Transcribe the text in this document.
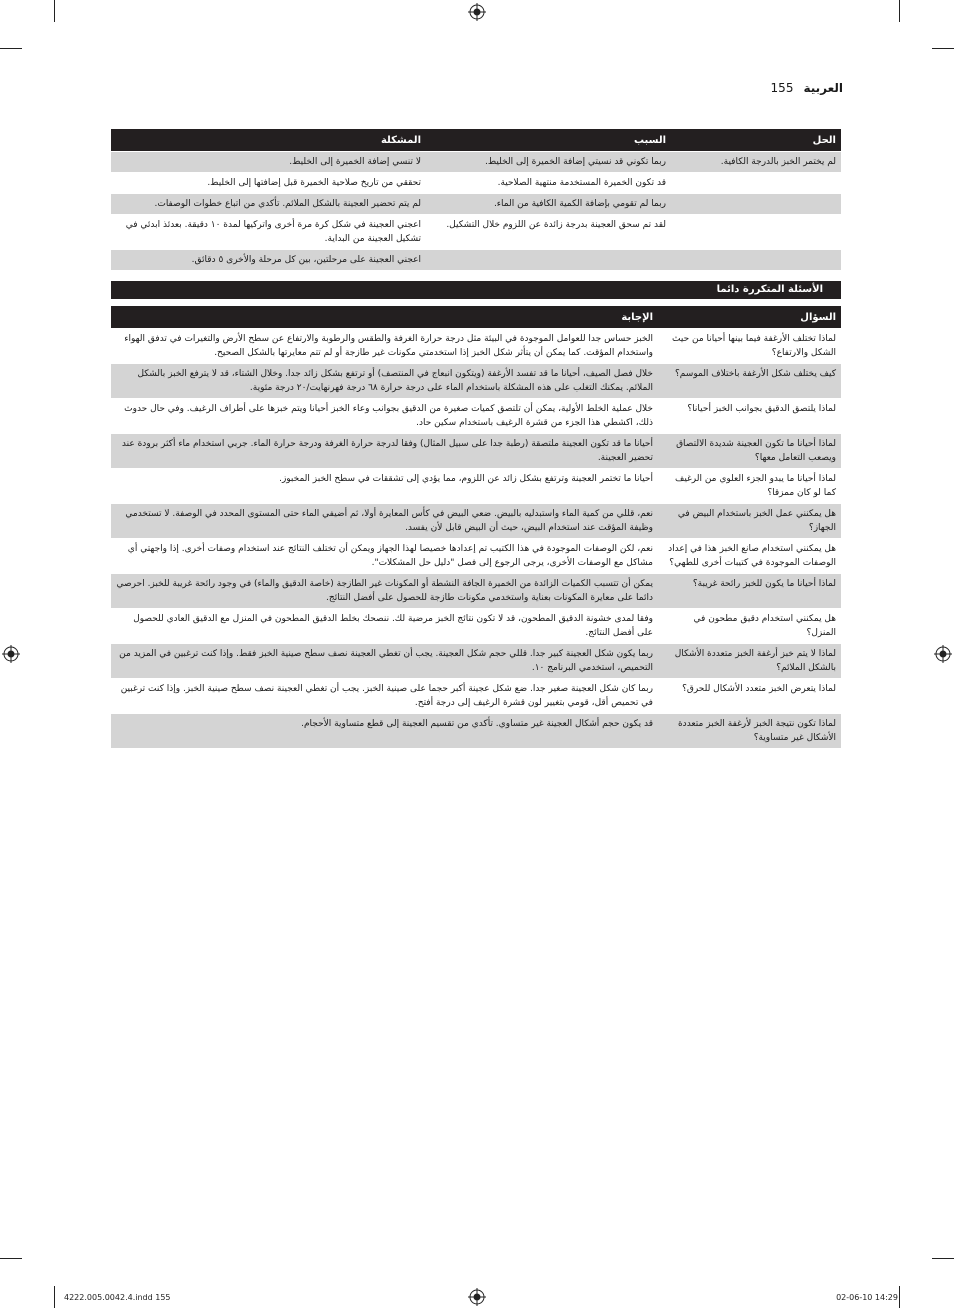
العربية
155
الحل	السبب	المشكلة
لم يختمر الخبز بالدرجة الكافية.	ربما تكوني قد نسيتي إضافة الخميرة إلى الخليط.	لا تنسي إضافة الخميرة إلى الخليط.
	قد تكون الخميرة المستخدمة منتهية الصلاحية.	تحققي من تاريخ صلاحية الخميرة قبل إضافتها إلى الخليط.
	ربما لم تقومي بإضافة الكمية الكافية من الماء.	لم يتم تحضير العجينة بالشكل الملائم. تأكدي من اتباع خطوات الوصفات.
	لقد تم سحق العجينة بدرجة زائدة عن اللزوم خلال التشكيل.	اعجني العجينة في شكل كرة مرة أخرى واتركيها لمدة ١٠ دقيقة. بعدئذ ابدئي في تشكيل العجينة من البداية.
		اعجني العجينة على مرحلتين، بين كل مرحلة والأخرى ٥ دقائق.
الأسئلة المتكررة دائما
السؤال	الإجابة
لماذا تختلف الأرغفة فيما بينها أحيانا من حيث الشكل والارتفاع؟	الخبز حساس جدا للعوامل الموجودة في البيئة مثل درجة حرارة الغرفة والطقس والرطوبة والارتفاع عن سطح الأرض والتغيرات في تدفق الهواء واستخدام المؤقت. كما يمكن أن يتأثر شكل الخبز إذا استخدمتي مكونات غير طازجة أو لم تتم معايرتها بالشكل الصحيح.
كيف يختلف شكل الأرغفة باختلاف الموسم؟	خلال فصل الصيف، أحيانا ما قد تفسد الأرغفة (ويتكون انبعاج في المنتصف) أو ترتفع بشكل زائد جدا. وخلال الشتاء، قد لا يترفع الخبز بالشكل الملائم. يمكنك التغلب على هذه المشكلة باستخدام الماء على درجة حرارة ٦٨ درجة فهرنهايت/٢٠ درجة مئوية.
لماذا يلتصق الدقيق بجوانب الخبز أحيانا؟	خلال عملية الخلط الأولية، يمكن أن تلتصق كميات صغيرة من الدقيق بجوانب وعاء الخبز أحيانا ويتم خبزها على أطراف الرغيف. وفي حال حدوث ذلك، اكشطي هذا الجزء من قشرة الرغيف باستخدام سكين حاد.
لماذا أحيانا ما تكون العجينة شديدة الالتصاق ويصعب التعامل معها؟	أحيانا ما قد تكون العجينة ملتصقة (رطبة جدا على سبيل المثال) وفقا لدرجة حرارة الغرفة ودرجة حرارة الماء. جربي استخدام ماء أكثر برودة عند تحضير العجينة.
لماذا أحيانا ما يبدو الجزء العلوي من الرغيف كما لو كان ممزقا؟	أحيانا ما تختمر العجينة وترتفع بشكل زائد عن اللزوم، مما يؤدي إلى تشققات في سطح الخبز المخبوز.
هل يمكنني عمل الخبز باستخدام البيض في الجهاز؟	نعم، قللي من كمية الماء واستبدليه بالبيض. ضعي البيض في كأس المعايرة أولا، ثم أضيفي الماء حتى المستوى المحدد في الوصفة. لا تستخدمي وظيفة المؤقت عند استخدام البيض، حيث أن البيض قابل لأن يفسد.
هل يمكنني استخدام صانع الخبز هذا في إعداد الوصفات الموجودة في كتيبات أخرى للطهي؟	نعم، لكن الوصفات الموجودة في هذا الكتيب تم إعدادها خصيصا لهذا الجهاز ويمكن أن تختلف النتائج عند استخدام وصفات أخرى. إذا واجهتي أي مشاكل مع الوصفات الأخرى، يرجى الرجوع إلى فصل "دليل حل المشكلات".
لماذا أحيانا ما يكون للخبز رائحة غريبة؟	يمكن أن تتسبب الكميات الزائدة من الخميرة الجافة النشطة أو المكونات غير الطازجة (خاصة الدقيق والماء) في وجود رائحة غريبة للخبز. احرصي دائما على معايرة المكونات بعناية واستخدمي مكونات طازجة للحصول على أفضل النتائج.
هل يمكنني استخدام دقيق مطحون في المنزل؟	وفقا لمدى خشونة الدقيق المطحون، قد لا تكون نتائج الخبز مرضية لك. ننصحك بخلط الدقيق المطحون في المنزل مع الدقيق العادي للحصول على أفضل النتائج.
لماذا لا يتم خبز أرغفة الخبز متعددة الأشكال بالشكل الملائم؟	ربما يكون شكل العجينة كبير جدا. قللي حجم شكل العجينة. يجب أن تغطي العجينة نصف سطح صينية الخبز فقط. وإذا كنت ترغبين في المزيد من التحميص، استخدمي البرنامج ١٠.
لماذا يتعرض الخبز متعدد الأشكال للحرق؟	ربما كان شكل العجينة صغير جدا. ضع شكل عجينة أكبر حجما على صينية الخبز. يجب أن تغطي العجينة نصف سطح صينية الخبز. وإذا كنت ترغبين في تحميص أقل، قومي بتغيير لون قشرة الرغيف إلى درجة أفتح.
لماذا تكون نتيجة الخبز لأرغفة الخبز متعددة الأشكال غير متساوية؟	قد يكون حجم أشكال العجينة غير متساوي. تأكدي من تقسيم العجينة إلى قطع متساوية الأحجام.
4222.005.0042.4.indd 155	02-06-10 14:29
